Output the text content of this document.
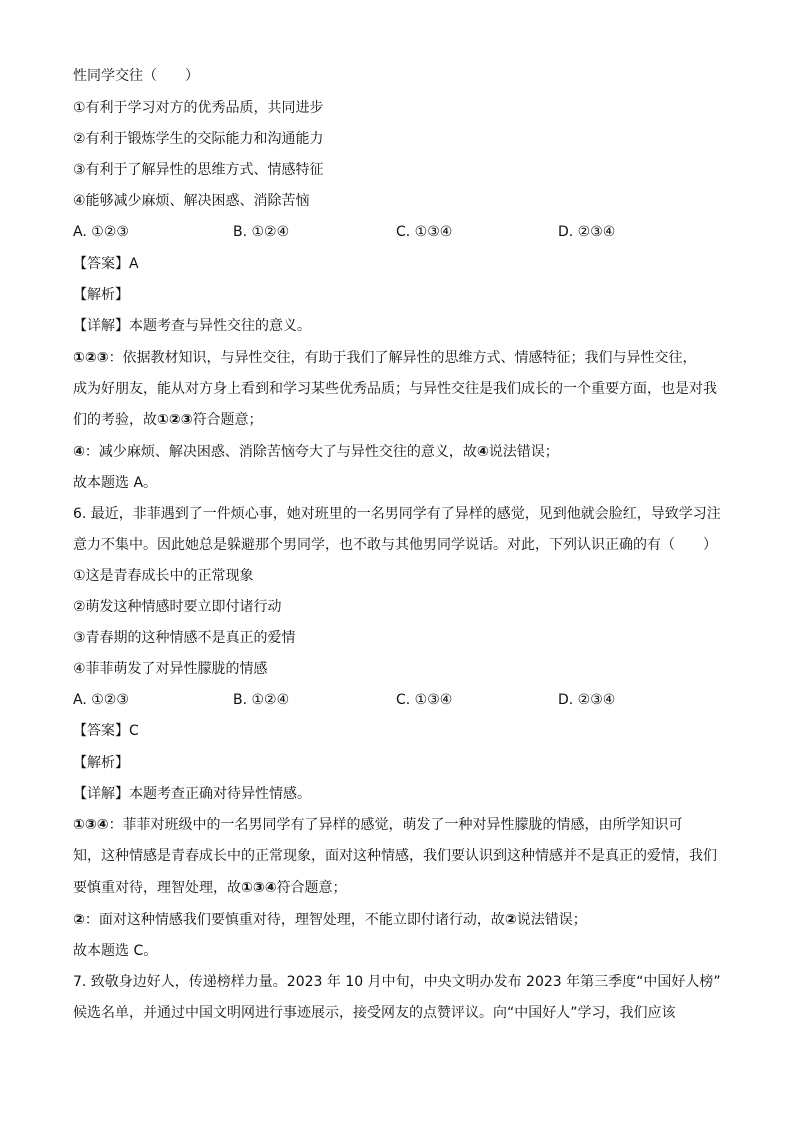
性同学交往（　　）
①有利于学习对方的优秀品质，共同进步
②有利于锻炼学生的交际能力和沟通能力
③有利于了解异性的思维方式、情感特征
④能够减少麻烦、解决困惑、消除苦恼
A. ①②③	B. ①②④	C. ①③④	D. ②③④
【答案】A
【解析】
【详解】本题考查与异性交往的意义。
①②③：依据教材知识，与异性交往，有助于我们了解异性的思维方式、情感特征；我们与异性交往，
成为好朋友，能从对方身上看到和学习某些优秀品质；与异性交往是我们成长的一个重要方面，也是对我
们的考验，故①②③符合题意；
④：减少麻烦、解决困惑、消除苦恼夸大了与异性交往的意义，故④说法错误；
故本题选 A。
6. 最近，非菲遇到了一件烦心事，她对班里的一名男同学有了异样的感觉，见到他就会脸红，导致学习注
意力不集中。因此她总是躲避那个男同学，也不敢与其他男同学说话。对此，下列认识正确的有（　　）
①这是青春成长中的正常现象
②萌发这种情感时要立即付诸行动
③青春期的这种情感不是真正的爱情
④菲菲萌发了对异性朦胧的情感
A. ①②③	B. ①②④	C. ①③④	D. ②③④
【答案】C
【解析】
【详解】本题考查正确对待异性情感。
①③④：菲菲对班级中的一名男同学有了异样的感觉，萌发了一种对异性朦胧的情感，由所学知识可
知，这种情感是青春成长中的正常现象，面对这种情感，我们要认识到这种情感并不是真正的爱情，我们
要慎重对待，理智处理，故①③④符合题意；
②：面对这种情感我们要慎重对待，理智处理，不能立即付诸行动，故②说法错误；
故本题选 C。
7. 致敬身边好人，传递榜样力量。2023 年 10 月中旬，中央文明办发布 2023 年第三季度“中国好人榜”
候选名单，并通过中国文明网进行事迹展示，接受网友的点赞评议。向“中国好人”学习，我们应该
